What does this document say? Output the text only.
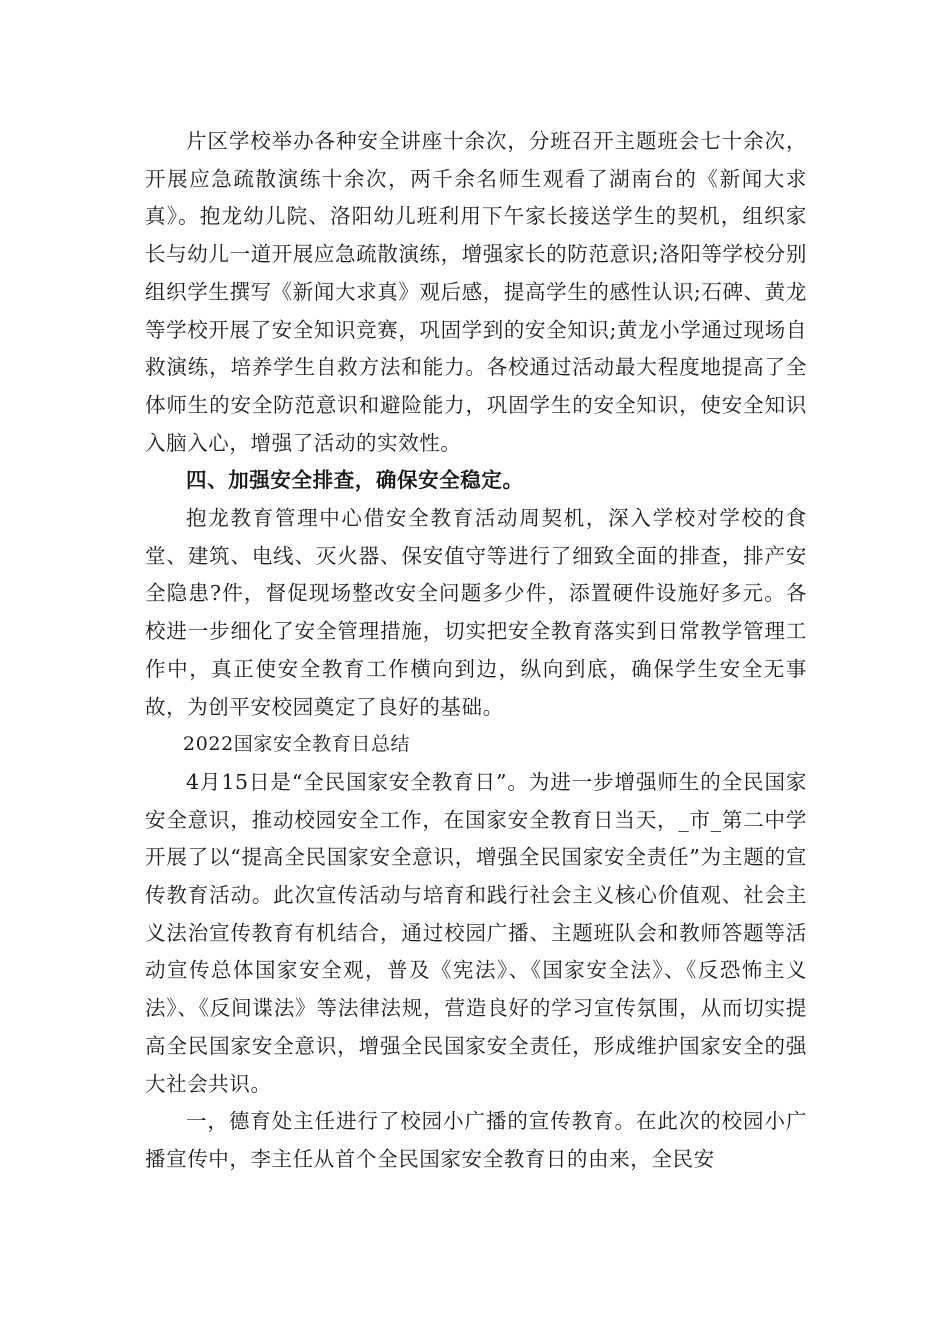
片区学校举办各种安全讲座十余次，分班召开主题班会七十余次，开展应急疏散演练十余次，两千余名师生观看了湖南台的《新闻大求真》。抱龙幼儿院、洛阳幼儿班利用下午家长接送学生的契机，组织家长与幼儿一道开展应急疏散演练，增强家长的防范意识;洛阳等学校分别组织学生撰写《新闻大求真》观后感，提高学生的感性认识;石碑、黄龙等学校开展了安全知识竞赛，巩固学到的安全知识;黄龙小学通过现场自救演练，培养学生自救方法和能力。各校通过活动最大程度地提高了全体师生的安全防范意识和避险能力，巩固学生的安全知识，使安全知识入脑入心，增强了活动的实效性。

四、加强安全排查，确保安全稳定。

抱龙教育管理中心借安全教育活动周契机，深入学校对学校的食堂、建筑、电线、灭火器、保安值守等进行了细致全面的排查，排产安全隐患?件，督促现场整改安全问题多少件，添置硬件设施好多元。各校进一步细化了安全管理措施，切实把安全教育落实到日常教学管理工作中，真正使安全教育工作横向到边，纵向到底，确保学生安全无事故，为创平安校园奠定了良好的基础。

2022国家安全教育日总结

4月15日是“全民国家安全教育日”。为进一步增强师生的全民国家安全意识，推动校园安全工作，在国家安全教育日当天，_市_第二中学开展了以“提高全民国家安全意识，增强全民国家安全责任”为主题的宣传教育活动。此次宣传活动与培育和践行社会主义核心价值观、社会主义法治宣传教育有机结合，通过校园广播、主题班队会和教师答题等活动宣传总体国家安全观，普及《宪法》、《国家安全法》、《反恐怖主义法》、《反间谍法》等法律法规，营造良好的学习宣传氛围，从而切实提高全民国家安全意识，增强全民国家安全责任，形成维护国家安全的强大社会共识。

一，德育处主任进行了校园小广播的宣传教育。在此次的校园小广播宣传中，李主任从首个全民国家安全教育日的由来，全民安
